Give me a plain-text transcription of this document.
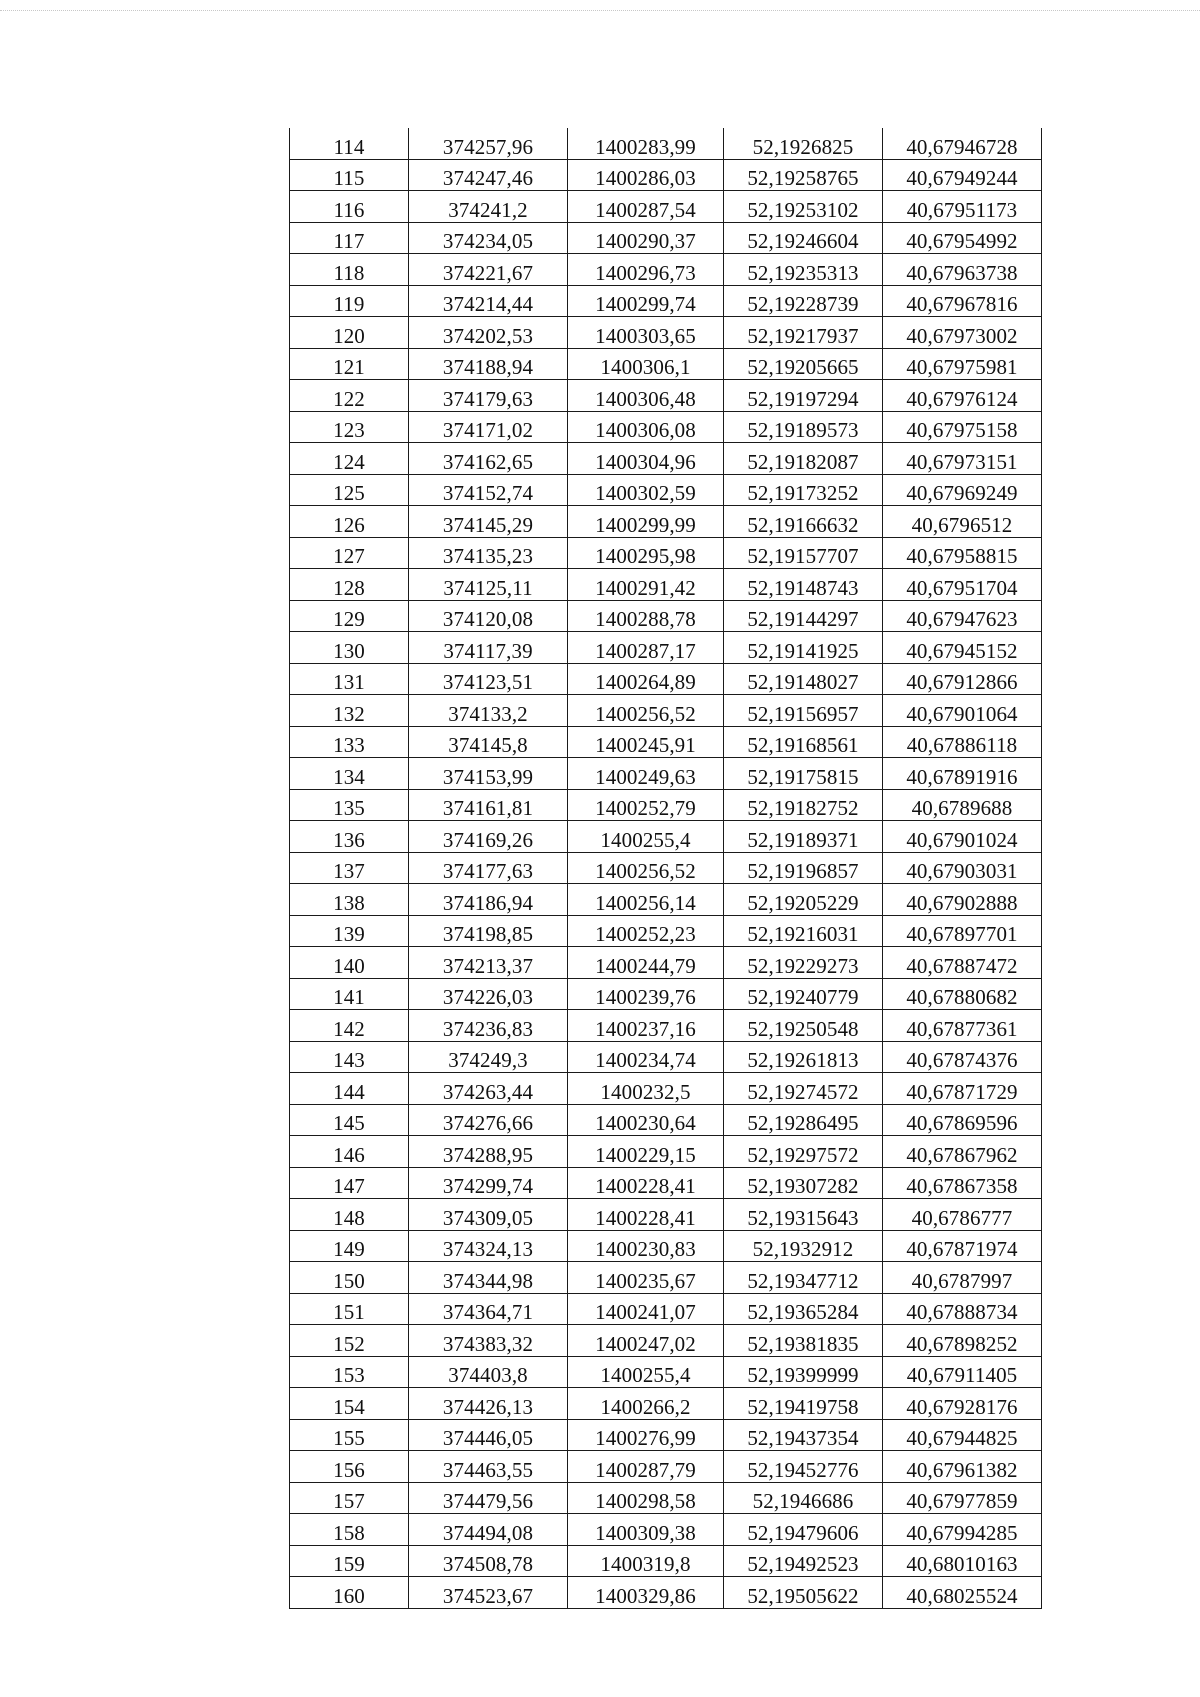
114	374257,96	1400283,99	52,1926825	40,67946728
115	374247,46	1400286,03	52,19258765	40,67949244
116	374241,2	1400287,54	52,19253102	40,67951173
117	374234,05	1400290,37	52,19246604	40,67954992
118	374221,67	1400296,73	52,19235313	40,67963738
119	374214,44	1400299,74	52,19228739	40,67967816
120	374202,53	1400303,65	52,19217937	40,67973002
121	374188,94	1400306,1	52,19205665	40,67975981
122	374179,63	1400306,48	52,19197294	40,67976124
123	374171,02	1400306,08	52,19189573	40,67975158
124	374162,65	1400304,96	52,19182087	40,67973151
125	374152,74	1400302,59	52,19173252	40,67969249
126	374145,29	1400299,99	52,19166632	40,6796512
127	374135,23	1400295,98	52,19157707	40,67958815
128	374125,11	1400291,42	52,19148743	40,67951704
129	374120,08	1400288,78	52,19144297	40,67947623
130	374117,39	1400287,17	52,19141925	40,67945152
131	374123,51	1400264,89	52,19148027	40,67912866
132	374133,2	1400256,52	52,19156957	40,67901064
133	374145,8	1400245,91	52,19168561	40,67886118
134	374153,99	1400249,63	52,19175815	40,67891916
135	374161,81	1400252,79	52,19182752	40,6789688
136	374169,26	1400255,4	52,19189371	40,67901024
137	374177,63	1400256,52	52,19196857	40,67903031
138	374186,94	1400256,14	52,19205229	40,67902888
139	374198,85	1400252,23	52,19216031	40,67897701
140	374213,37	1400244,79	52,19229273	40,67887472
141	374226,03	1400239,76	52,19240779	40,67880682
142	374236,83	1400237,16	52,19250548	40,67877361
143	374249,3	1400234,74	52,19261813	40,67874376
144	374263,44	1400232,5	52,19274572	40,67871729
145	374276,66	1400230,64	52,19286495	40,67869596
146	374288,95	1400229,15	52,19297572	40,67867962
147	374299,74	1400228,41	52,19307282	40,67867358
148	374309,05	1400228,41	52,19315643	40,6786777
149	374324,13	1400230,83	52,1932912	40,67871974
150	374344,98	1400235,67	52,19347712	40,6787997
151	374364,71	1400241,07	52,19365284	40,67888734
152	374383,32	1400247,02	52,19381835	40,67898252
153	374403,8	1400255,4	52,19399999	40,67911405
154	374426,13	1400266,2	52,19419758	40,67928176
155	374446,05	1400276,99	52,19437354	40,67944825
156	374463,55	1400287,79	52,19452776	40,67961382
157	374479,56	1400298,58	52,1946686	40,67977859
158	374494,08	1400309,38	52,19479606	40,67994285
159	374508,78	1400319,8	52,19492523	40,68010163
160	374523,67	1400329,86	52,19505622	40,68025524
